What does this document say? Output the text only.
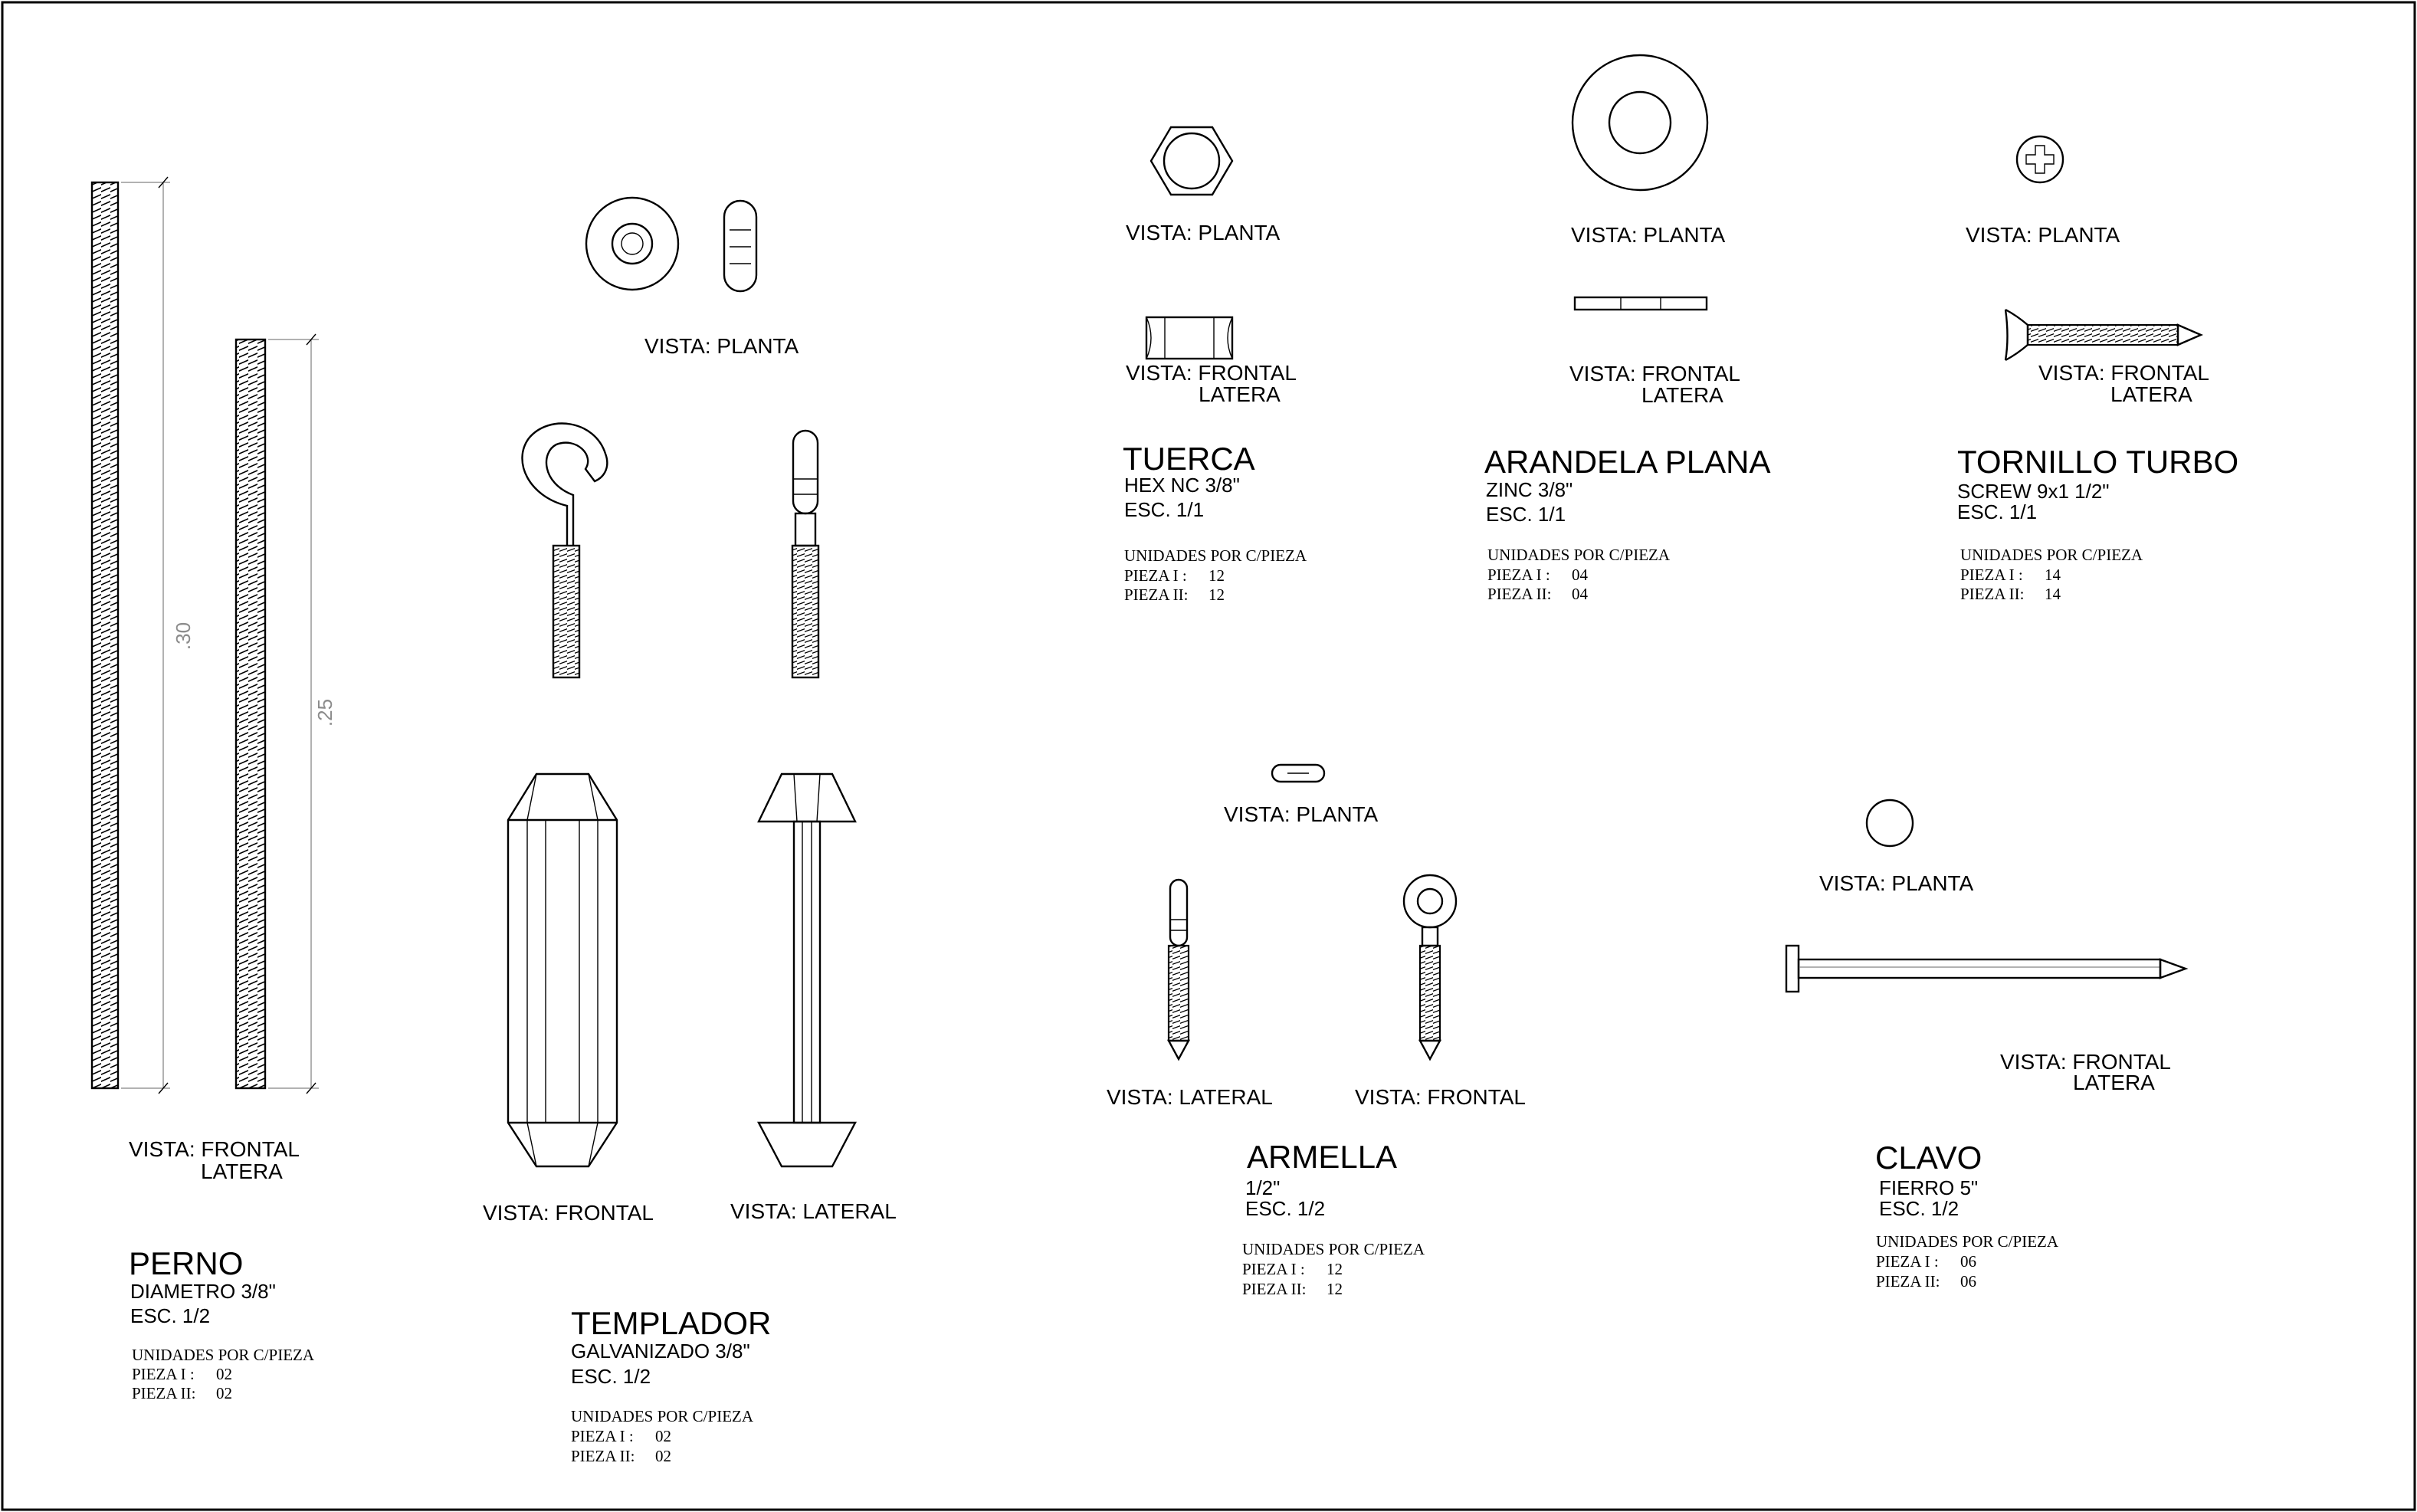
.30
.25
VISTA: FRONTAL
LATERA
PERNO
DIAMETRO 3/8"
ESC. 1/2
UNIDADES POR C/PIEZA
PIEZA I : 02
PIEZA II: 02
VISTA: PLANTA
VISTA: FRONTAL	VISTA: LATERAL
TEMPLADOR
GALVANIZADO 3/8"
ESC. 1/2
UNIDADES POR C/PIEZA
PIEZA I : 02
PIEZA II: 02
VISTA: PLANTA
VISTA: FRONTAL
LATERA
TUERCA
HEX NC 3/8"
ESC. 1/1
UNIDADES POR C/PIEZA
PIEZA I : 12
PIEZA II: 12
VISTA: PLANTA
VISTA: FRONTAL
LATERA
ARANDELA PLANA
ZINC 3/8"
ESC. 1/1
UNIDADES POR C/PIEZA
PIEZA I : 04
PIEZA II: 04
VISTA: PLANTA
VISTA: FRONTAL
LATERA
TORNILLO TURBO
SCREW 9x1 1/2"
ESC. 1/1
UNIDADES POR C/PIEZA
PIEZA I : 14
PIEZA II: 14
VISTA: PLANTA
VISTA: LATERAL	VISTA: FRONTAL
ARMELLA
1/2"
ESC. 1/2
UNIDADES POR C/PIEZA
PIEZA I : 12
PIEZA II: 12
VISTA: PLANTA
VISTA: FRONTAL
LATERA
CLAVO
FIERRO 5"
ESC. 1/2
UNIDADES POR C/PIEZA
PIEZA I : 06
PIEZA II: 06
